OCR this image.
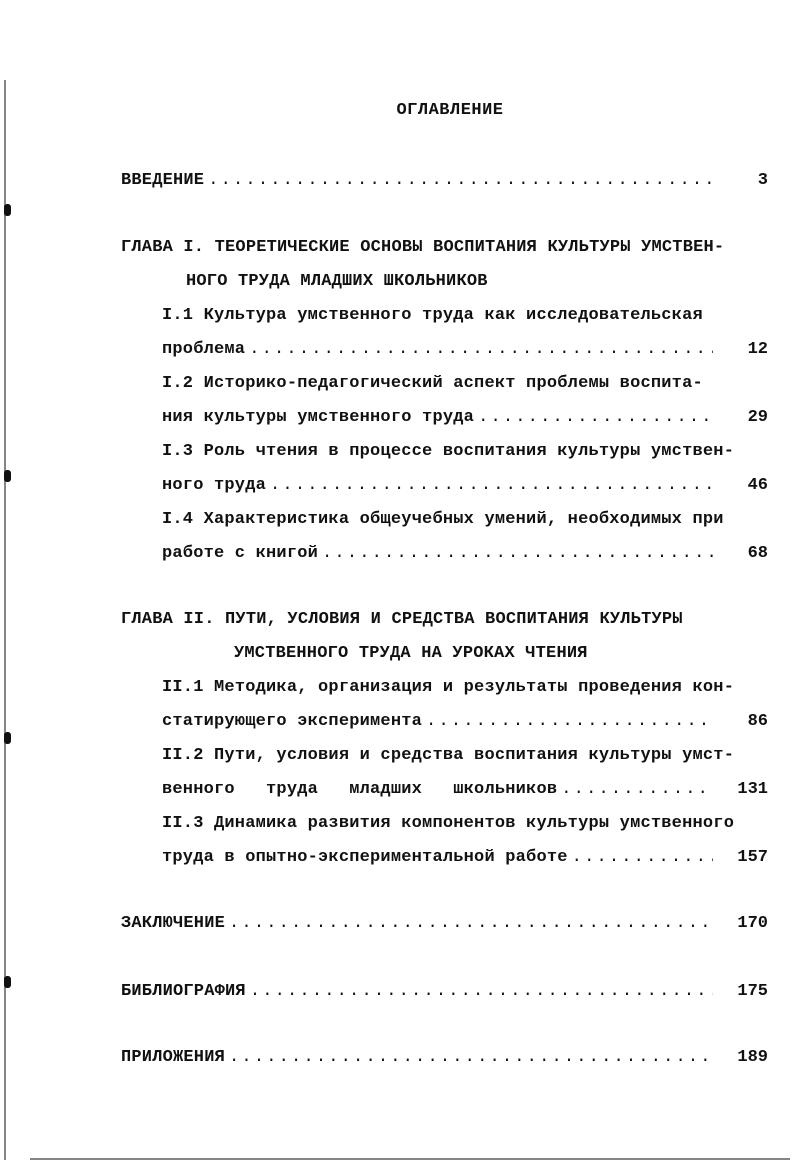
ОГЛАВЛЕНИЕ
ВВЕДЕНИЕ .....	3
ГЛАВА I. ТЕОРЕТИЧЕСКИЕ ОСНОВЫ ВОСПИТАНИЯ КУЛЬТУРЫ УМСТВЕН-
НОГО ТРУДА МЛАДШИХ ШКОЛЬНИКОВ
I.1 Культура умственного труда как исследовательская
проблема .....	12
I.2 Историко-педагогический аспект проблемы воспита-
ния культуры умственного труда .....	29
I.3 Роль чтения в процессе воспитания культуры умствен-
ного труда .....	46
I.4 Характеристика общеучебных умений, необходимых при
работе с книгой .....	68
ГЛАВА II. ПУТИ, УСЛОВИЯ И СРЕДСТВА ВОСПИТАНИЯ КУЛЬТУРЫ
УМСТВЕННОГО ТРУДА НА УРОКАХ ЧТЕНИЯ
II.1 Методика, организация и результаты проведения кон-
статирующего эксперимента .....	86
II.2 Пути, условия и средства воспитания культуры умст-
венного   труда   младших   школьников .....	131
II.3 Динамика развития компонентов культуры умственного
труда в опытно-экспериментальной работе .....	157
ЗАКЛЮЧЕНИЕ .....	170
БИБЛИОГРАФИЯ .....	175
ПРИЛОЖЕНИЯ .....	189
